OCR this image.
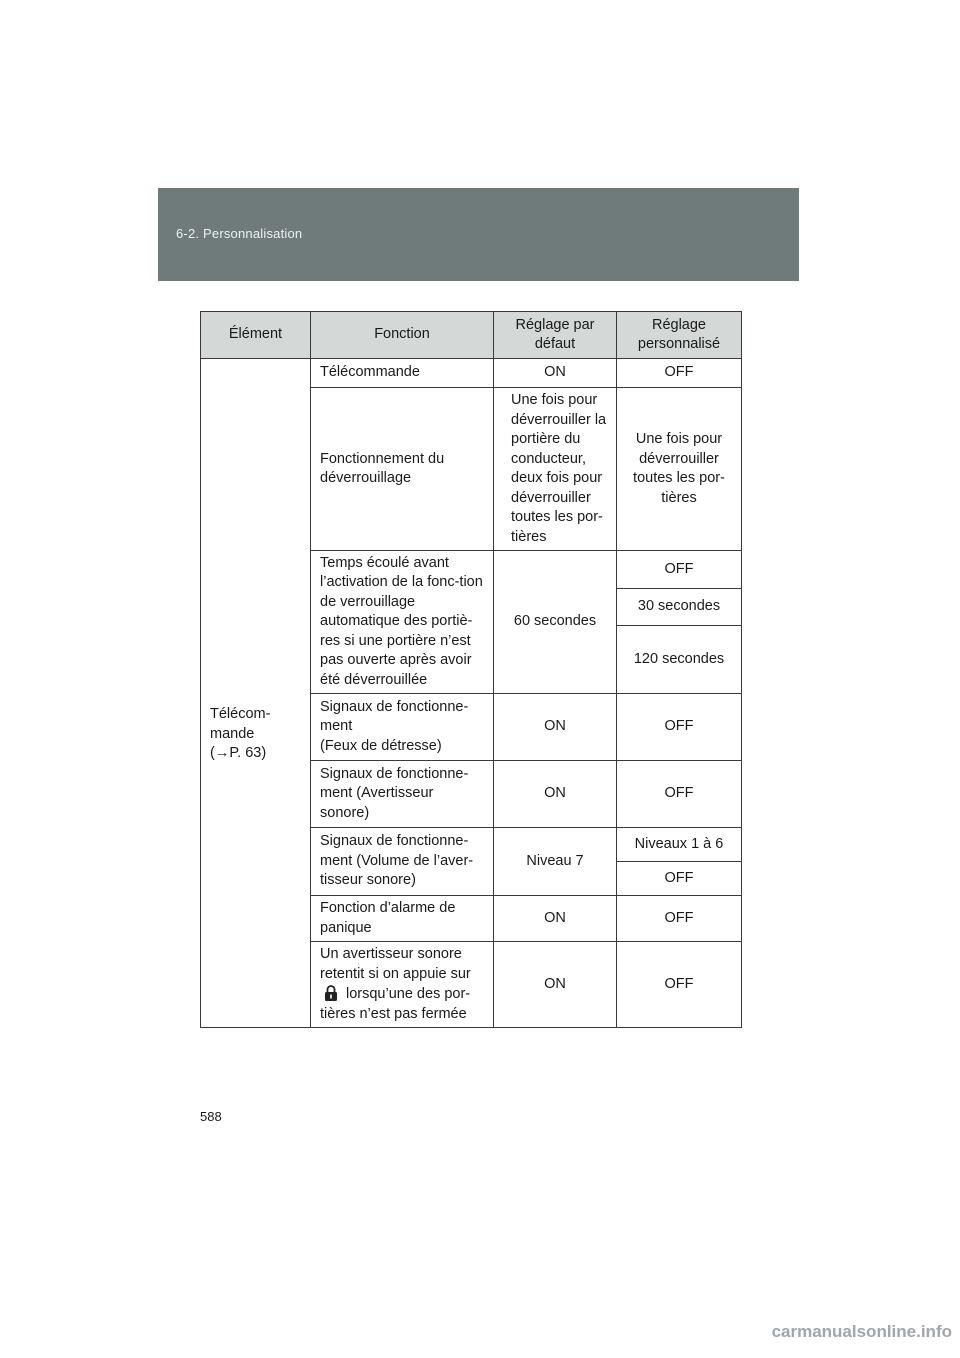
6-2. Personnalisation
Élément	Fonction	Réglage par défaut	Réglage personnalisé

Télécom-
mande
(→P. 63)	Télécommande	ON	OFF

	Fonctionnement du déverrouillage	Une fois pour déverrouiller la portière du conducteur, deux fois pour déverrouiller toutes les por-tières	Une fois pour déverrouiller toutes les por-tières

	Temps écoulé avant l’activation de la fonc-tion de verrouillage automatique des portiè-res si une portière n’est pas ouverte après avoir été déverrouillée	60 secondes	OFF
			30 secondes
			120 secondes

	Signaux de fonctionne-
ment
(Feux de détresse)	ON	OFF

	Signaux de fonctionne-ment (Avertisseur sonore)	ON	OFF

	Signaux de fonctionne-ment (Volume de l’aver-tisseur sonore)	Niveau 7	Niveaux 1 à 6
			OFF

	Fonction d’alarme de panique	ON	OFF

	Un avertisseur sonore retentit si on appuie sur lorsqu’une des por-tières n’est pas fermée	ON	OFF
588
carmanualsonline.info
